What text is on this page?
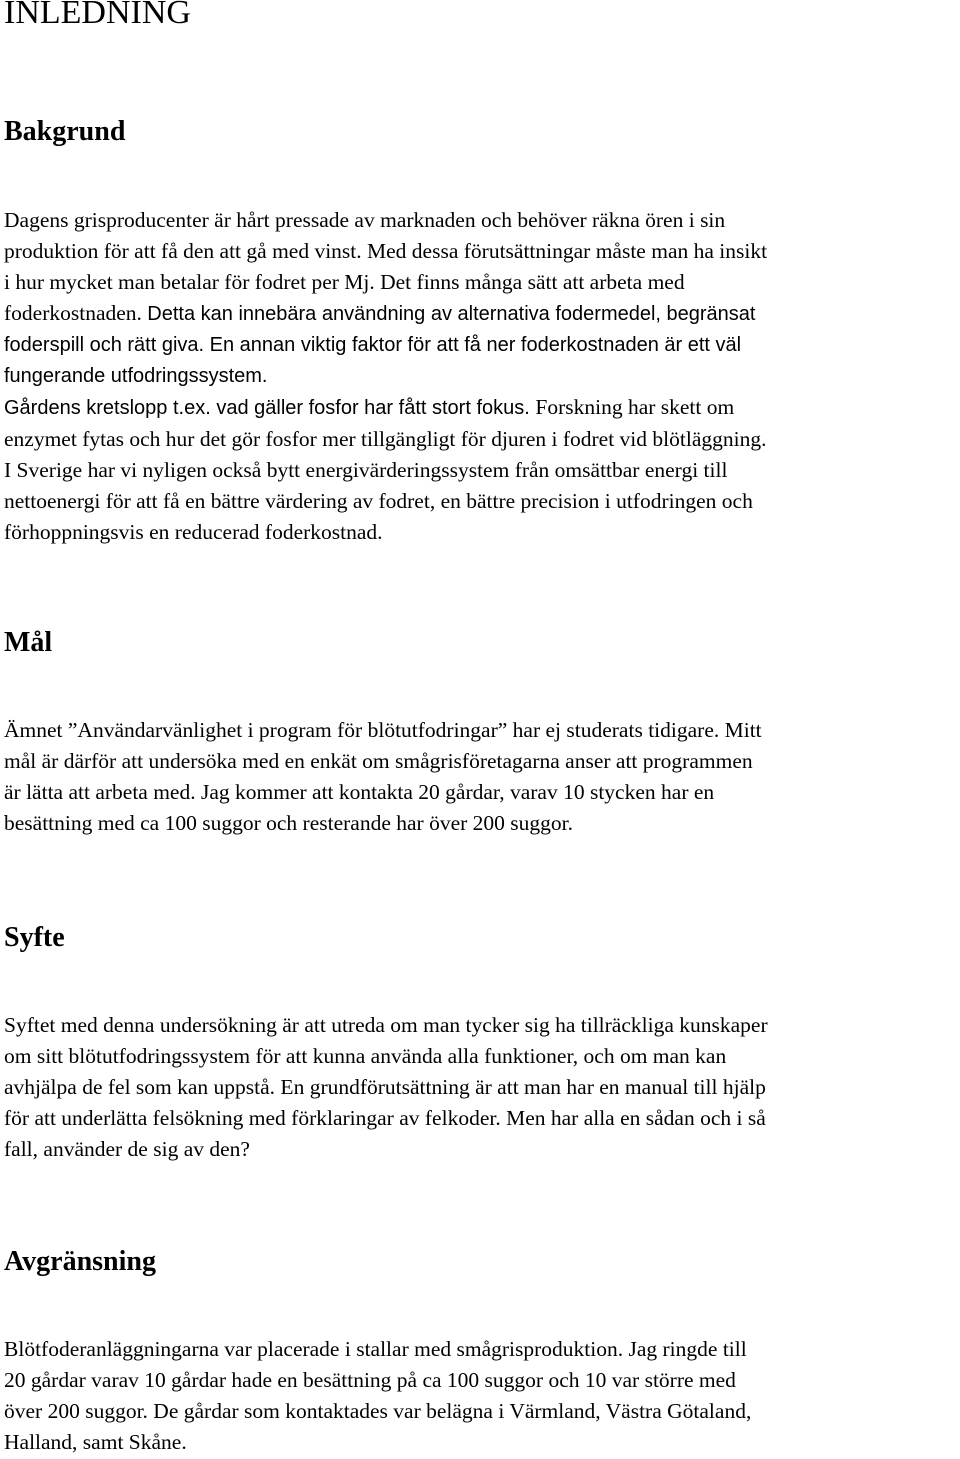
INLEDNING
Bakgrund
Dagens grisproducenter är hårt pressade av marknaden och behöver räkna ören i sin
produktion för att få den att gå med vinst. Med dessa förutsättningar måste man ha insikt
i hur mycket man betalar för fodret per Mj. Det finns många sätt att arbeta med
foderkostnaden. Detta kan innebära användning av alternativa fodermedel, begränsat
foderspill och rätt giva. En annan viktig faktor för att få ner foderkostnaden är ett väl
fungerande utfodringssystem.
Gårdens kretslopp t.ex. vad gäller fosfor har fått stort fokus. Forskning har skett om
enzymet fytas och hur det gör fosfor mer tillgängligt för djuren i fodret vid blötläggning.
I Sverige har vi nyligen också bytt energivärderingssystem från omsättbar energi till
nettoenergi för att få en bättre värdering av fodret, en bättre precision i utfodringen och
förhoppningsvis en reducerad foderkostnad.
Mål
Ämnet ”Användarvänlighet i program för blötutfodringar” har ej studerats tidigare. Mitt
mål är därför att undersöka med en enkät om smågrisföretagarna anser att programmen
är lätta att arbeta med. Jag kommer att kontakta 20 gårdar, varav 10 stycken har en
besättning med ca 100 suggor och resterande har över 200 suggor.
Syfte
Syftet med denna undersökning är att utreda om man tycker sig ha tillräckliga kunskaper
om sitt blötutfodringssystem för att kunna använda alla funktioner, och om man kan
avhjälpa de fel som kan uppstå. En grundförutsättning är att man har en manual till hjälp
för att underlätta felsökning med förklaringar av felkoder. Men har alla en sådan och i så
fall, använder de sig av den?
Avgränsning
Blötfoderanläggningarna var placerade i stallar med smågrisproduktion. Jag ringde till
20 gårdar varav 10 gårdar hade en besättning på ca 100 suggor och 10 var större med
över 200 suggor. De gårdar som kontaktades var belägna i Värmland, Västra Götaland,
Halland, samt Skåne.
